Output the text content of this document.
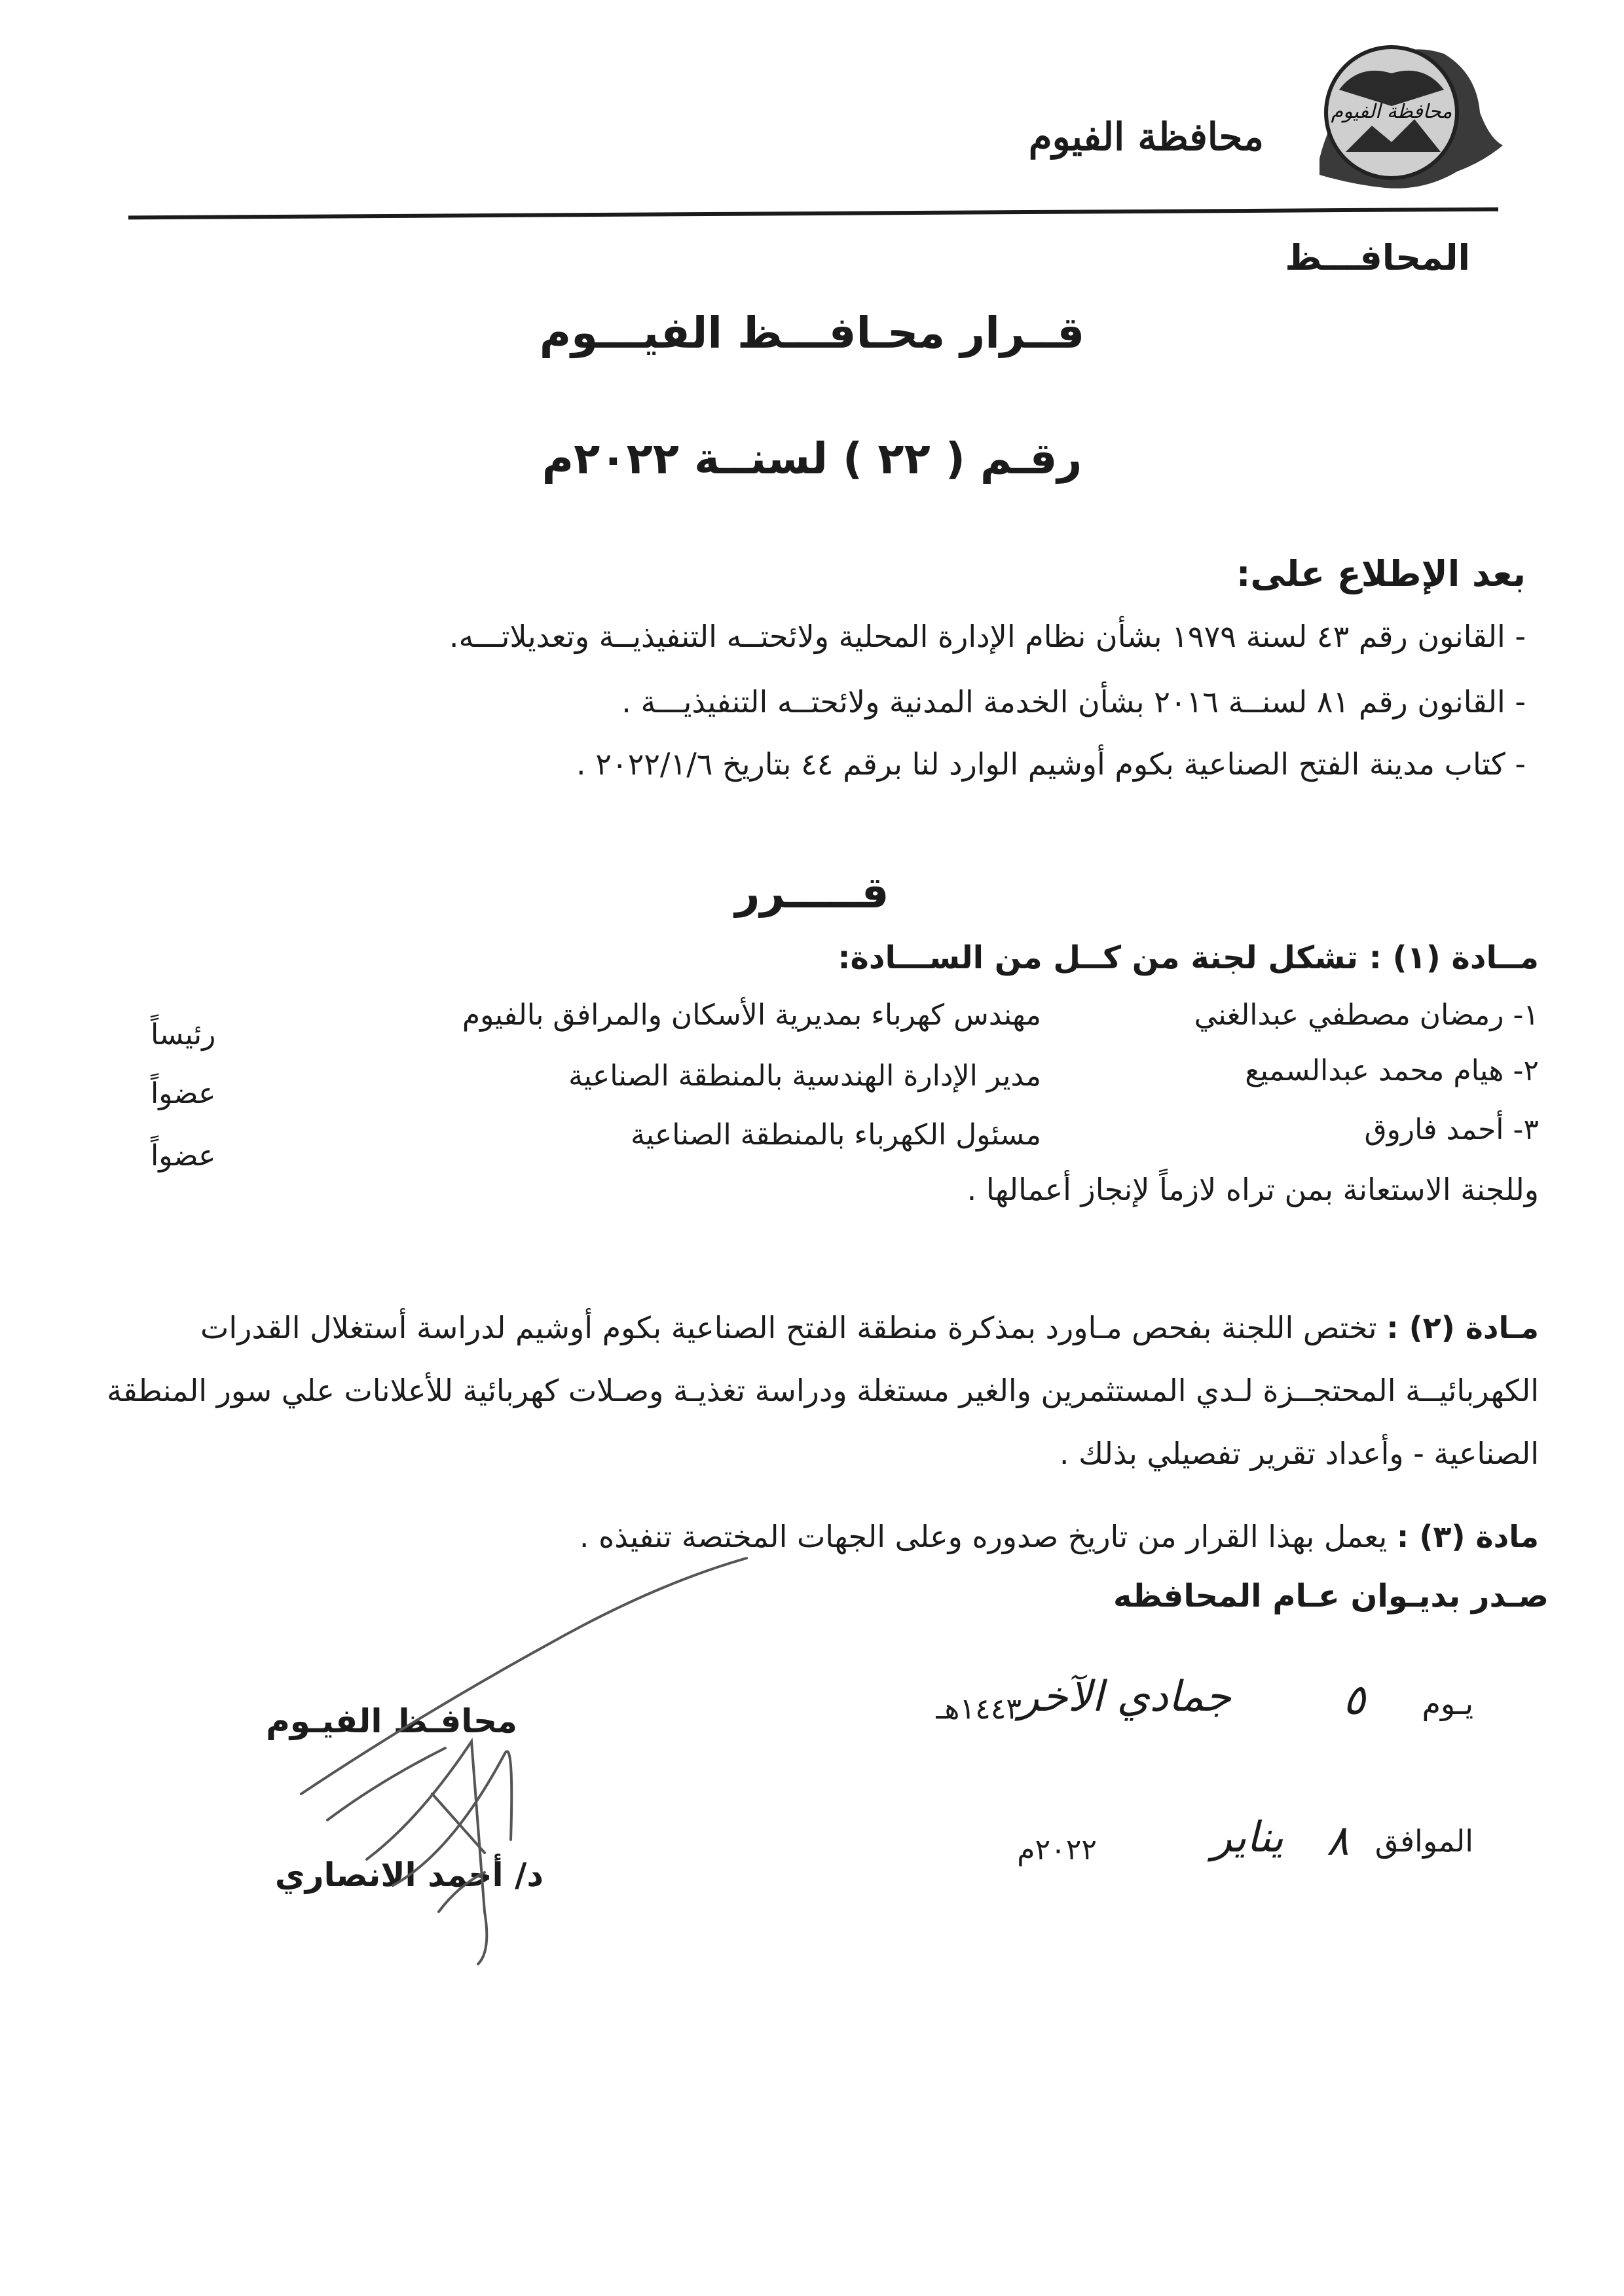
محافظة الفيوم
محافظة الفيوم
المحافـــظ
قــرار محـافـــظ الفيـــوم
رقـم ( ٢٢ ) لسنــة ٢٠٢٢م
بعد الإطلاع على:
- القانون رقم ٤٣ لسنة ١٩٧٩ بشأن نظام الإدارة المحلية ولائحتــه التنفيذيــة وتعديلاتـــه.
- القانون رقم ٨١ لسنــة ٢٠١٦ بشأن الخدمة المدنية ولائحتــه التنفيذيـــة .
- كتاب مدينة الفتح الصناعية بكوم أوشيم الوارد لنا برقم ٤٤ بتاريخ ٢٠٢٢/١/٦ .
قـــــرر
مــادة (١) : تشكل لجنة من كــل من الســـادة:
١- رمضان مصطفي عبدالغني
مهندس كهرباء بمديرية الأسكان والمرافق بالفيوم
رئيساً
٢- هيام محمد عبدالسميع
مدير الإدارة الهندسية بالمنطقة الصناعية
عضواً
٣- أحمد فاروق
مسئول الكهرباء بالمنطقة الصناعية
عضواً
وللجنة الاستعانة بمن تراه لازماً لإنجاز أعمالها .
مـادة (٢) : تختص اللجنة بفحص مـاورد بمذكرة منطقة الفتح الصناعية بكوم أوشيم لدراسة أستغلال القدرات الكهربائيــة المحتجــزة لـدي المستثمرين والغير مستغلة ودراسة تغذيـة وصـلات كهربائية للأعلانات علي سور المنطقة الصناعية - وأعداد تقرير تفصيلي بذلك .
مادة (٣) : يعمل بهذا القرار من تاريخ صدوره وعلى الجهات المختصة تنفيذه .
صـدر بديـوان عـام المحافظه
يـوم
٥
جمادي الآخر
١٤٤٣هـ
الموافق
٨
يناير
٢٠٢٢م
محافـظ الفيـوم
د/ أحمد الانصاري
